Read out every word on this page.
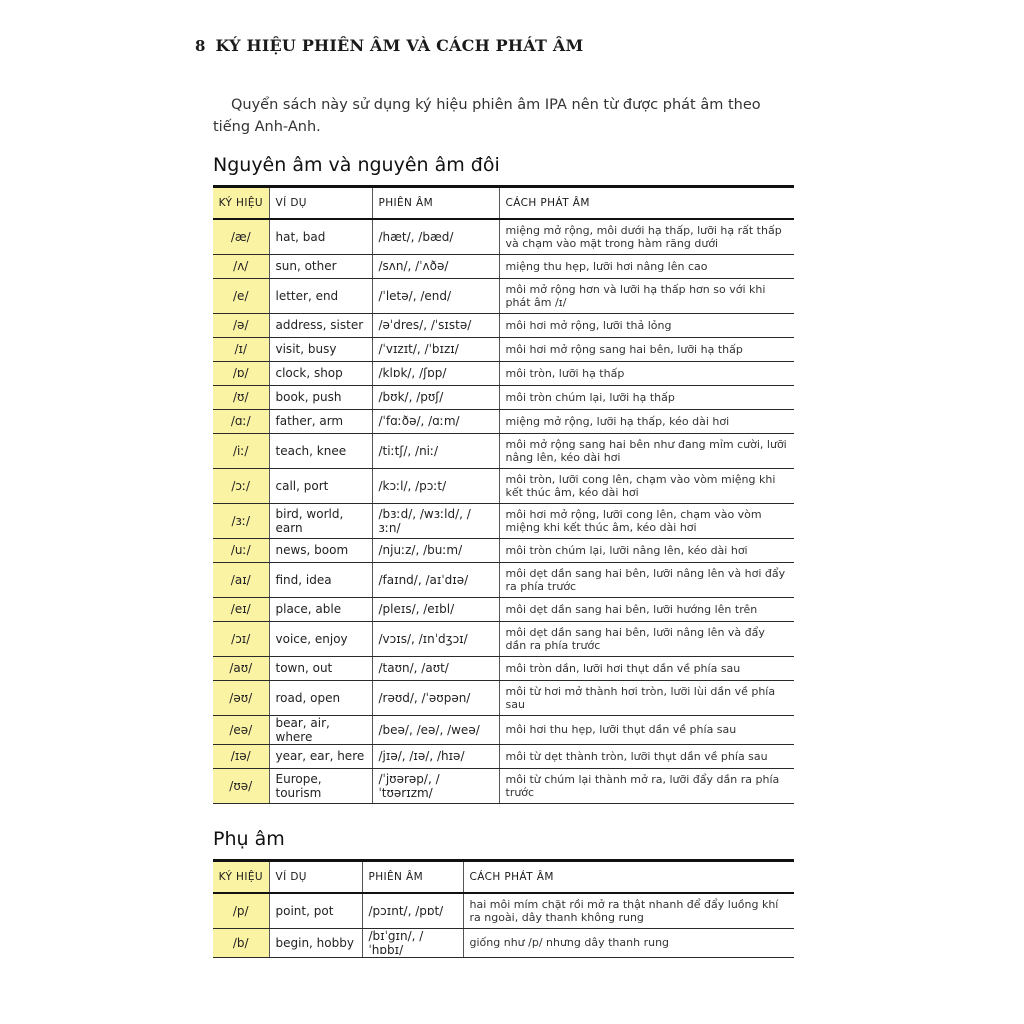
8 KÝ HIỆU PHIÊN ÂM VÀ CÁCH PHÁT ÂM

Quyển sách này sử dụng ký hiệu phiên âm IPA nên từ được phát âm theo tiếng Anh-Anh.

Nguyên âm và nguyên âm đôi
KÝ HIỆU	VÍ DỤ	PHIÊN ÂM	CÁCH PHÁT ÂM
/æ/	hat, bad	/hæt/, /bæd/	miệng mở rộng, môi dưới hạ thấp, lưỡi hạ rất thấp và chạm vào mặt trong hàm răng dưới
/ʌ/	sun, other	/sʌn/, /ˈʌðə/	miệng thu hẹp, lưỡi hơi nâng lên cao
/e/	letter, end	/ˈletə/, /end/	môi mở rộng hơn và lưỡi hạ thấp hơn so với khi phát âm /ɪ/
/ə/	address, sister	/əˈdres/, /ˈsɪstə/	môi hơi mở rộng, lưỡi thả lỏng
/ɪ/	visit, busy	/ˈvɪzɪt/, /ˈbɪzɪ/	môi hơi mở rộng sang hai bên, lưỡi hạ thấp
/ɒ/	clock, shop	/klɒk/, /ʃɒp/	môi tròn, lưỡi hạ thấp
/ʊ/	book, push	/bʊk/, /pʊʃ/	môi tròn chúm lại, lưỡi hạ thấp
/ɑː/	father, arm	/ˈfɑːðə/, /ɑːm/	miệng mở rộng, lưỡi hạ thấp, kéo dài hơi
/iː/	teach, knee	/tiːtʃ/, /niː/	môi mở rộng sang hai bên như đang mỉm cười, lưỡi nâng lên, kéo dài hơi
/ɔː/	call, port	/kɔːl/, /pɔːt/	môi tròn, lưỡi cong lên, chạm vào vòm miệng khi kết thúc âm, kéo dài hơi
/ɜː/	bird, world, earn	/bɜːd/, /wɜːld/, /ɜːn/	môi hơi mở rộng, lưỡi cong lên, chạm vào vòm miệng khi kết thúc âm, kéo dài hơi
/uː/	news, boom	/njuːz/, /buːm/	môi tròn chúm lại, lưỡi nâng lên, kéo dài hơi
/aɪ/	find, idea	/faɪnd/, /aɪˈdɪə/	môi dẹt dần sang hai bên, lưỡi nâng lên và hơi đẩy ra phía trước
/eɪ/	place, able	/pleɪs/, /eɪbl/	môi dẹt dần sang hai bên, lưỡi hướng lên trên
/ɔɪ/	voice, enjoy	/vɔɪs/, /ɪnˈdʒɔɪ/	môi dẹt dần sang hai bên, lưỡi nâng lên và đẩy dần ra phía trước
/aʊ/	town, out	/taʊn/, /aʊt/	môi tròn dần, lưỡi hơi thụt dần về phía sau
/əʊ/	road, open	/rəʊd/, /ˈəʊpən/	môi từ hơi mở thành hơi tròn, lưỡi lùi dần về phía sau
/eə/	bear, air, where	/beə/, /eə/, /weə/	môi hơi thu hẹp, lưỡi thụt dần về phía sau
/ɪə/	year, ear, here	/jɪə/, /ɪə/, /hɪə/	môi từ dẹt thành tròn, lưỡi thụt dần về phía sau
/ʊə/	Europe, tourism	/ˈjʊərəp/, /ˈtʊərɪzm/	môi từ chúm lại thành mở ra, lưỡi đẩy dần ra phía trước
Phụ âm
KÝ HIỆU	VÍ DỤ	PHIÊN ÂM	CÁCH PHÁT ÂM
/p/	point, pot	/pɔɪnt/, /pɒt/	hai môi mím chặt rồi mở ra thật nhanh để đẩy luồng khí ra ngoài, dây thanh không rung
/b/	begin, hobby	/bɪˈgɪn/, /ˈhɒbɪ/	giống như /p/ nhưng dây thanh rung
